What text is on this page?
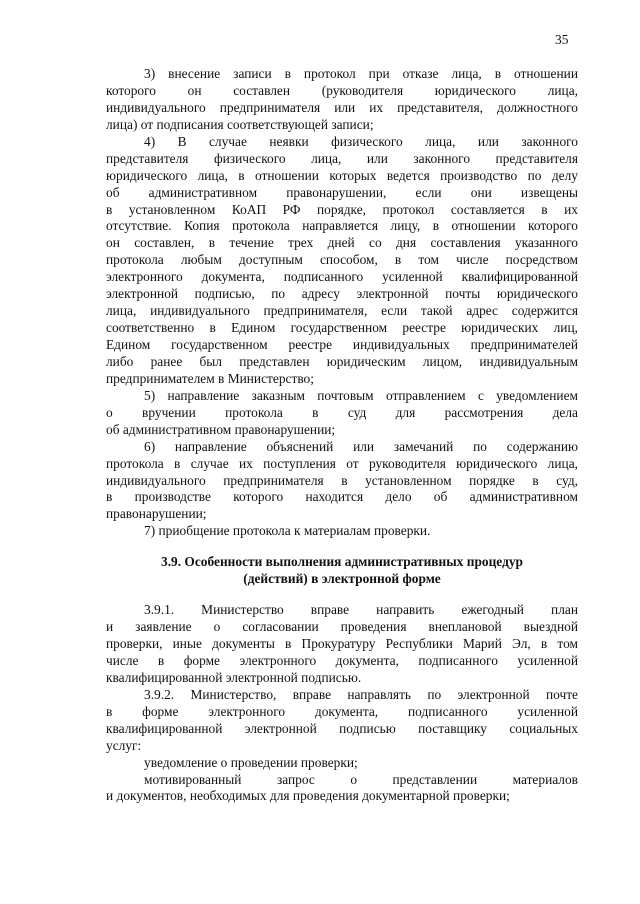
35
3) внесение записи в протокол при отказе лица, в отношении
которого он составлен (руководителя юридического лица,
индивидуального предпринимателя или их представителя, должностного
лица) от подписания соответствующей записи;
4) В случае неявки физического лица, или законного
представителя физического лица, или законного представителя
юридического лица, в отношении которых ведется производство по делу
об административном правонарушении, если они извещены
в установленном КоАП РФ порядке, протокол составляется в их
отсутствие. Копия протокола направляется лицу, в отношении которого
он составлен, в течение трех дней со дня составления указанного
протокола любым доступным способом, в том числе посредством
электронного документа, подписанного усиленной квалифицированной
электронной подписью, по адресу электронной почты юридического
лица, индивидуального предпринимателя, если такой адрес содержится
соответственно в Едином государственном реестре юридических лиц,
Едином государственном реестре индивидуальных предпринимателей
либо ранее был представлен юридическим лицом, индивидуальным
предпринимателем в Министерство;
5) направление заказным почтовым отправлением с уведомлением
о вручении протокола в суд для рассмотрения дела
об административном правонарушении;
6) направление объяснений или замечаний по содержанию
протокола в случае их поступления от руководителя юридического лица,
индивидуального предпринимателя в установленном порядке в суд,
в производстве которого находится дело об административном
правонарушении;
7) приобщение протокола к материалам проверки.
3.9. Особенности выполнения административных процедур
(действий) в электронной форме
3.9.1. Министерство вправе направить ежегодный план
и заявление о согласовании проведения внеплановой выездной
проверки, иные документы в Прокуратуру Республики Марий Эл, в том
числе в форме электронного документа, подписанного усиленной
квалифицированной электронной подписью.
3.9.2. Министерство, вправе направлять по электронной почте
в форме электронного документа, подписанного усиленной
квалифицированной электронной подписью поставщику социальных
услуг:
уведомление о проведении проверки;
мотивированный запрос о представлении материалов
и документов, необходимых для проведения документарной проверки;
